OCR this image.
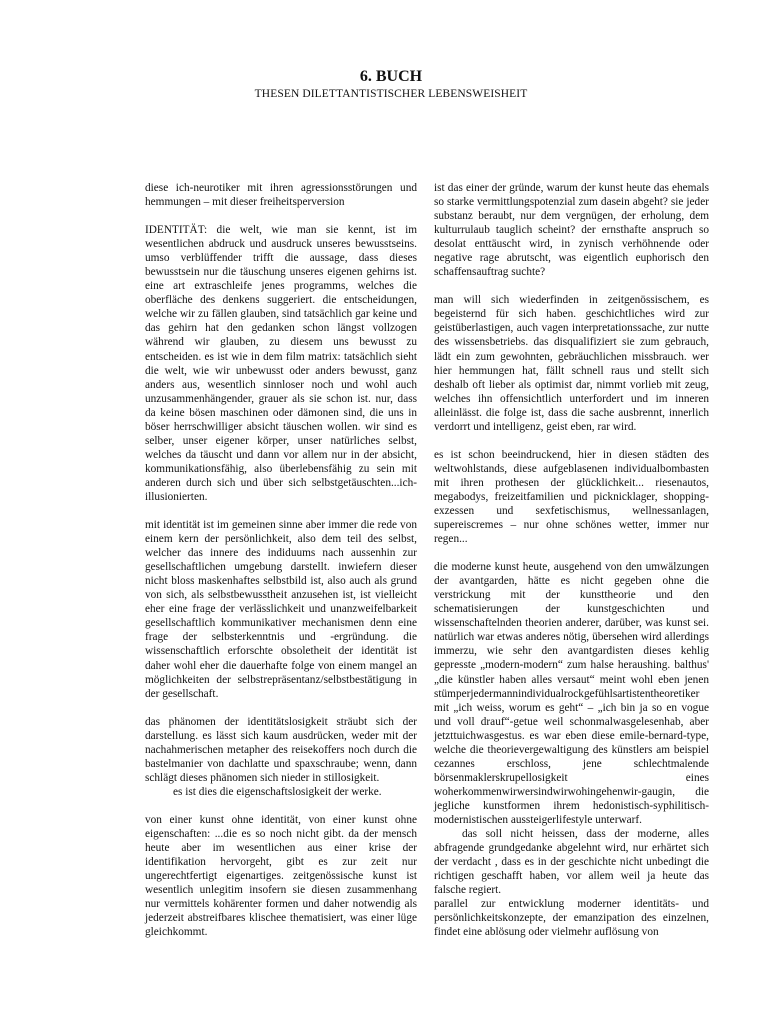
6. BUCH
THESEN DILETTANTISTISCHER LEBENSWEISHEIT

diese ich-neurotiker mit ihren agressionsstörungen und hemmungen – mit dieser freiheitsperversion

IDENTITÄT: die welt, wie man sie kennt, ist im wesentlichen abdruck und ausdruck unseres bewusstseins. umso verblüffender trifft die aussage, dass dieses bewusstsein nur die täuschung unseres eigenen gehirns ist. eine art extraschleife jenes programms, welches die oberfläche des denkens suggeriert. die entscheidungen, welche wir zu fällen glauben, sind tatsächlich gar keine und das gehirn hat den gedanken schon längst vollzogen während wir glauben, zu diesem uns bewusst zu entscheiden. es ist wie in dem film matrix: tatsächlich sieht die welt, wie wir unbewusst oder anders bewusst, ganz anders aus, wesentlich sinnloser noch und wohl auch unzusammenhängender, grauer als sie schon ist. nur, dass da keine bösen maschinen oder dämonen sind, die uns in böser herrschwilliger absicht täuschen wollen. wir sind es selber, unser eigener körper, unser natürliches selbst, welches da täuscht und dann vor allem nur in der absicht, kommunikationsfähig, also überlebensfähig zu sein mit anderen durch sich und über sich selbstgetäuschten...ich-illusionierten.

mit identität ist im gemeinen sinne aber immer die rede von einem kern der persönlichkeit, also dem teil des selbst, welcher das innere des indiduums nach aussenhin zur gesellschaftlichen umgebung darstellt. inwiefern dieser nicht bloss maskenhaftes selbstbild ist, also auch als grund von sich, als selbstbewusstheit anzusehen ist, ist vielleicht eher eine frage der verlässlichkeit und unanzweifelbarkeit gesellschaftlich kommunikativer mechanismen denn eine frage der selbsterkenntnis und -ergründung. die wissenschaftlich erforschte obsoletheit der identität ist daher wohl eher die dauerhafte folge von einem mangel an möglichkeiten der selbstrepräsentanz/selbstbestätigung in der gesellschaft.

das phänomen der identitätslosigkeit sträubt sich der darstellung. es lässt sich kaum ausdrücken, weder mit der nachahmerischen metapher des reisekoffers noch durch die bastelmanier von dachlatte und spaxschraube; wenn, dann schlägt dieses phänomen sich nieder in stillosigkeit.

es ist dies die eigenschaftslosigkeit der werke.

von einer kunst ohne identität, von einer kunst ohne eigenschaften: ...die es so noch nicht gibt. da der mensch heute aber im wesentlichen aus einer krise der identifikation hervorgeht, gibt es zur zeit nur ungerechtfertigt eigenartiges. zeitgenössische kunst ist wesentlich unlegitim insofern sie diesen zusammenhang nur vermittels kohärenter formen und daher notwendig als jederzeit abstreifbares klischee thematisiert, was einer lüge gleichkommt.

ist das einer der gründe, warum der kunst heute das ehemals so starke vermittlungspotenzial zum dasein abgeht? sie jeder substanz beraubt, nur dem vergnügen, der erholung, dem kulturrulaub tauglich scheint? der ernsthafte anspruch so desolat enttäuscht wird, in zynisch verhöhnende oder negative rage abrutscht, was eigentlich euphorisch den schaffensauftrag suchte?

man will sich wiederfinden in zeitgenössischem, es begeisternd für sich haben. geschichtliches wird zur geistüberlastigen, auch vagen interpretationssache, zur nutte des wissensbetriebs. das disqualifiziert sie zum gebrauch, lädt ein zum gewohnten, gebräuchlichen missbrauch. wer hier hemmungen hat, fällt schnell raus und stellt sich deshalb oft lieber als optimist dar, nimmt vorlieb mit zeug, welches ihn offensichtlich unterfordert und im inneren alleinlässt. die folge ist, dass die sache ausbrennt, innerlich verdorrt und intelligenz, geist eben, rar wird.

es ist schon beeindruckend, hier in diesen städten des weltwohlstands, diese aufgeblasenen individualbombasten mit ihren prothesen der glücklichkeit... riesenautos, megabodys, freizeitfamilien und picknicklager, shopping-exzessen und sexfetischismus, wellnessanlagen, supereiscremes – nur ohne schönes wetter, immer nur regen...

die moderne kunst heute, ausgehend von den umwälzungen der avantgarden, hätte es nicht gegeben ohne die verstrickung mit der kunsttheorie und den schematisierungen der kunstgeschichten und wissenschaftelnden theorien anderer, darüber, was kunst sei. natürlich war etwas anderes nötig, übersehen wird allerdings immerzu, wie sehr den avantgardisten dieses kehlig gepresste „modern-modern“ zum halse heraushing. balthus' „die künstler haben alles versaut“ meint wohl eben jenen stümperjedermannindividualrockgefühlsartistentheoretiker mit „ich weiss, worum es geht“ – „ich bin ja so en vogue und voll drauf“-getue weil schonmalwasgelesenhab, aber jetzttuichwasgestus. es war eben diese emile-bernard-type, welche die theorievergewaltigung des künstlers am beispiel cezannes erschloss, jene schlechtmalende börsenmaklerskrupellosigkeit eines woherkommenwirwersindwirwohingehenwir-gaugin, die jegliche kunstformen ihrem hedonistisch-syphilitisch-modernistischen aussteigerlifestyle unterwarf.

das soll nicht heissen, dass der moderne, alles abfragende grundgedanke abgelehnt wird, nur erhärtet sich der verdacht , dass es in der geschichte nicht unbedingt die richtigen geschafft haben, vor allem weil ja heute das falsche regiert.

parallel zur entwicklung moderner identitäts- und persönlichkeitskonzepte, der emanzipation des einzelnen, findet eine ablösung oder vielmehr auflösung von
